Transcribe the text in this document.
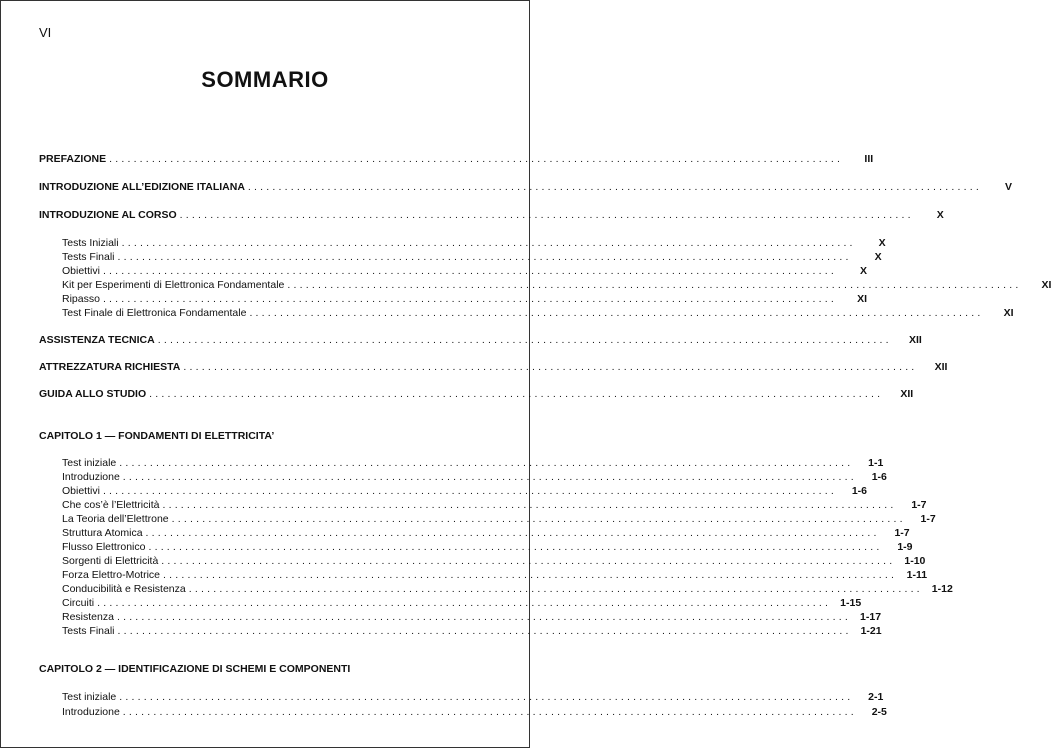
VI
SOMMARIO
PREFAZIONE ........................................................................................................................	III
INTRODUZIONE ALL’EDIZIONE ITALIANA ........................................................................................................................	V
INTRODUZIONE AL CORSO ........................................................................................................................	X
Tests Iniziali ........................................................................................................................	X
Tests Finali ........................................................................................................................	X
Obiettivi ........................................................................................................................	X
Kit per Esperimenti di Elettronica Fondamentale ........................................................................................................................	XI
Ripasso ........................................................................................................................	XI
Test Finale di Elettronica Fondamentale ........................................................................................................................	XI
ASSISTENZA TECNICA ........................................................................................................................	XII
ATTREZZATURA RICHIESTA ........................................................................................................................	XII
GUIDA ALLO STUDIO ........................................................................................................................	XII
CAPITOLO 1 — FONDAMENTI DI ELETTRICITA’
Test iniziale ........................................................................................................................	1-1
Introduzione ........................................................................................................................	1-6
Obiettivi ........................................................................................................................	1-6
Che cos’è l’Elettricità ........................................................................................................................	1-7
La Teoria dell’Elettrone ........................................................................................................................	1-7
Struttura Atomica ........................................................................................................................	1-7
Flusso Elettronico ........................................................................................................................	1-9
Sorgenti di Elettricità ........................................................................................................................ 1-10
Forza Elettro-Motrice ........................................................................................................................ 1-11
Conducibilità e Resistenza ........................................................................................................................ 1-12
Circuiti ........................................................................................................................ 1-15
Resistenza ........................................................................................................................ 1-17
Tests Finali ........................................................................................................................ 1-21
CAPITOLO 2 — IDENTIFICAZIONE DI SCHEMI E COMPONENTI
Test iniziale ........................................................................................................................	2-1
Introduzione ........................................................................................................................	2-5
